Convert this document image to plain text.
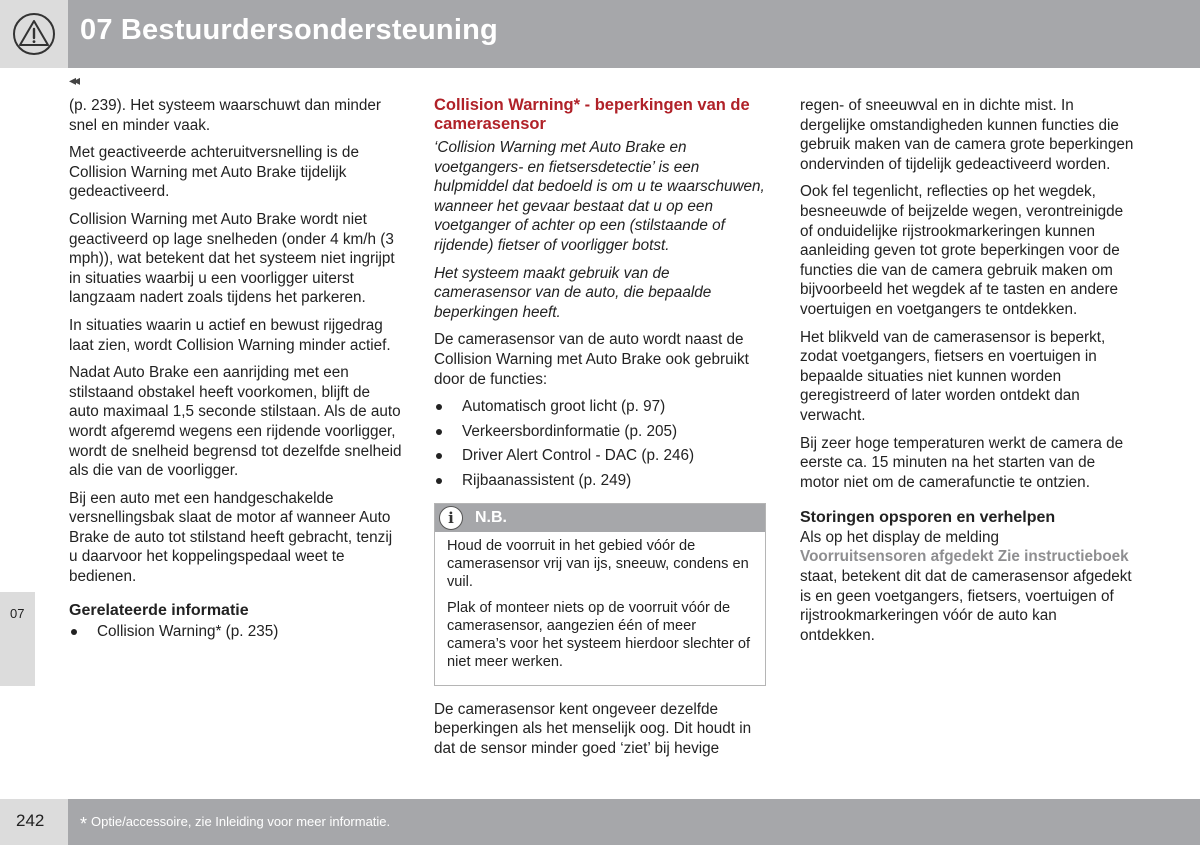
07 Bestuurdersondersteuning
07
◂◂

(p. 239). Het systeem waarschuwt dan minder snel en minder vaak.

Met geactiveerde achteruitversnelling is de Collision Warning met Auto Brake tijdelijk gedeactiveerd.

Collision Warning met Auto Brake wordt niet geactiveerd op lage snelheden (onder 4 km/h (3 mph)), wat betekent dat het systeem niet ingrijpt in situaties waarbij u een voorligger uiterst langzaam nadert zoals tijdens het parkeren.

In situaties waarin u actief en bewust rijgedrag laat zien, wordt Collision Warning minder actief.

Nadat Auto Brake een aanrijding met een stilstaand obstakel heeft voorkomen, blijft de auto maximaal 1,5 seconde stilstaan. Als de auto wordt afgeremd wegens een rijdende voorligger, wordt de snelheid begrensd tot dezelfde snelheid als die van de voorligger.

Bij een auto met een handgeschakelde versnellingsbak slaat de motor af wanneer Auto Brake de auto tot stilstand heeft gebracht, tenzij u daarvoor het koppelingspedaal weet te bedienen.

Gerelateerde informatie
Collision Warning* (p. 235)
Collision Warning* - beperkingen van de camerasensor

‘Collision Warning met Auto Brake en voetgangers- en fietsersdetectie’ is een hulpmiddel dat bedoeld is om u te waarschuwen, wanneer het gevaar bestaat dat u op een voetganger of achter op een (stilstaande of rijdende) fietser of voorligger botst.

Het systeem maakt gebruik van de camerasensor van de auto, die bepaalde beperkingen heeft.

De camerasensor van de auto wordt naast de Collision Warning met Auto Brake ook gebruikt door de functies:

Automatisch groot licht (p. 97)
Verkeersbordinformatie (p. 205)
Driver Alert Control - DAC (p. 246)
Rijbaanassistent (p. 249)
i	N.B.

Houd de voorruit in het gebied vóór de camerasensor vrij van ijs, sneeuw, condens en vuil.

Plak of monteer niets op de voorruit vóór de camerasensor, aangezien één of meer camera’s voor het systeem hierdoor slechter of niet meer werken.

De camerasensor kent ongeveer dezelfde beperkingen als het menselijk oog. Dit houdt in dat de sensor minder goed ‘ziet’ bij hevige

regen- of sneeuwval en in dichte mist. In dergelijke omstandigheden kunnen functies die gebruik maken van de camera grote beperkingen ondervinden of tijdelijk gedeactiveerd worden.

Ook fel tegenlicht, reflecties op het wegdek, besneeuwde of beijzelde wegen, verontreinigde of onduidelijke rijstrookmarkeringen kunnen aanleiding geven tot grote beperkingen voor de functies die van de camera gebruik maken om bijvoorbeeld het wegdek af te tasten en andere voertuigen en voetgangers te ontdekken.

Het blikveld van de camerasensor is beperkt, zodat voetgangers, fietsers en voertuigen in bepaalde situaties niet kunnen worden geregistreerd of later worden ontdekt dan verwacht.

Bij zeer hoge temperaturen werkt de camera de eerste ca. 15 minuten na het starten van de motor niet om de camerafunctie te ontzien.

Storingen opsporen en verhelpen

Als op het display de melding
Voorruitsensoren afgedekt Zie instructieboek staat, betekent dit dat de camerasensor afgedekt is en geen voetgangers, fietsers, voertuigen of rijstrookmarkeringen vóór de auto kan ontdekken.

242 * Optie/accessoire, zie Inleiding voor meer informatie.
